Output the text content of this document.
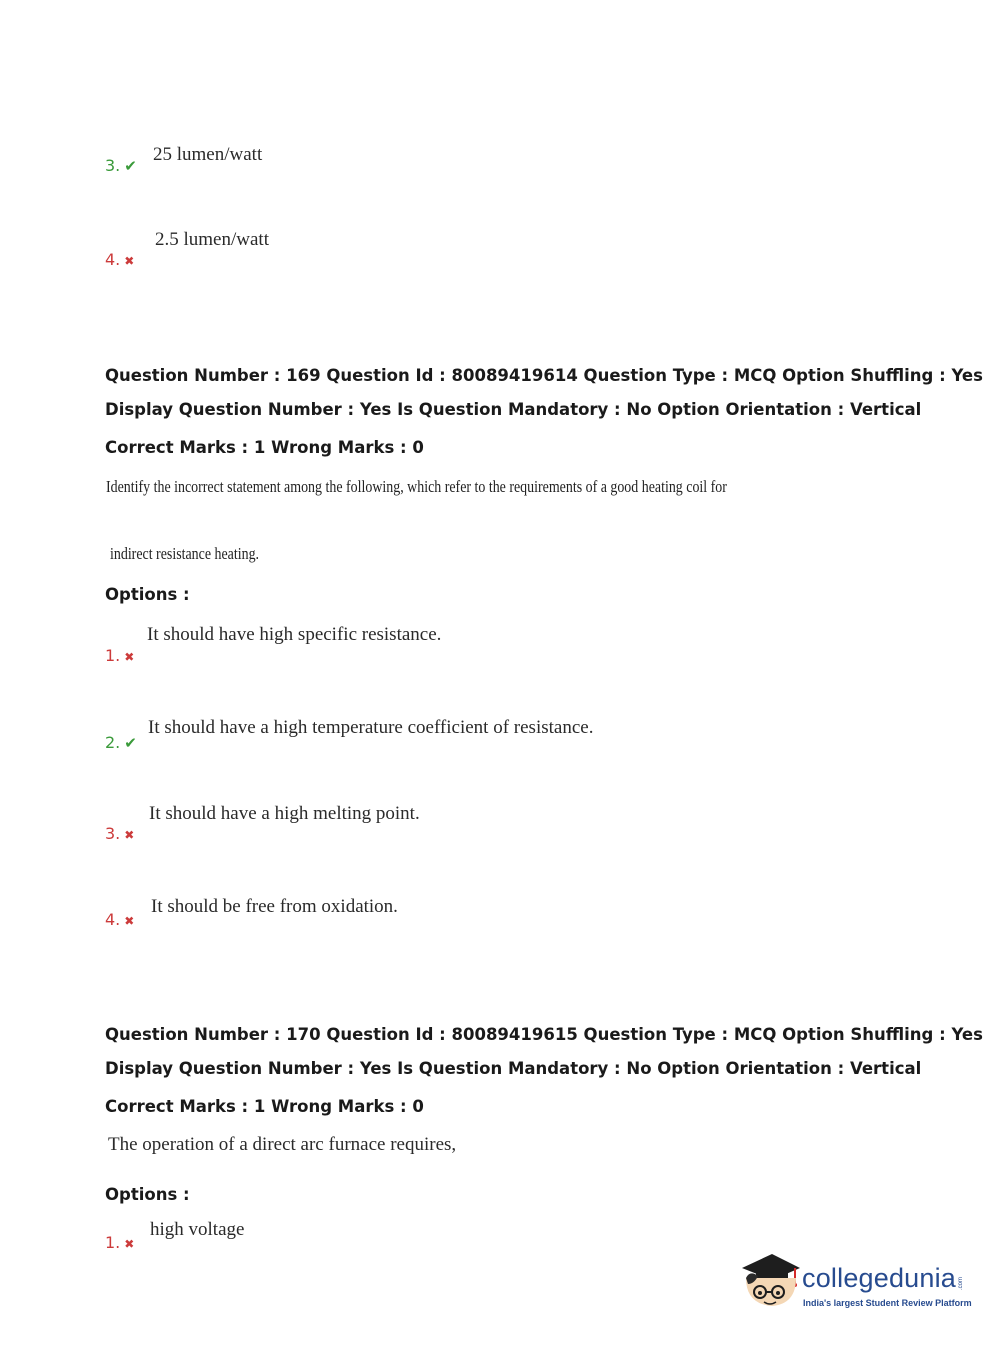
3. ✔
25 lumen/watt
4. ✖
2.5 lumen/watt
Question Number : 169 Question Id : 80089419614 Question Type : MCQ Option Shuffling : Yes
Display Question Number : Yes Is Question Mandatory : No Option Orientation : Vertical
Correct Marks : 1 Wrong Marks : 0
Identify the incorrect statement among the following, which refer to the requirements of a good heating coil for
indirect resistance heating.
Options :
1. ✖
It should have high specific resistance.
2. ✔
It should have a high temperature coefficient of resistance.
3. ✖
It should have a high melting point.
4. ✖
It should be free from oxidation.
Question Number : 170 Question Id : 80089419615 Question Type : MCQ Option Shuffling : Yes
Display Question Number : Yes Is Question Mandatory : No Option Orientation : Vertical
Correct Marks : 1 Wrong Marks : 0
The operation of a direct arc furnace requires,
Options :
1. ✖
high voltage
collegedunia
India's largest Student Review Platform
.com
